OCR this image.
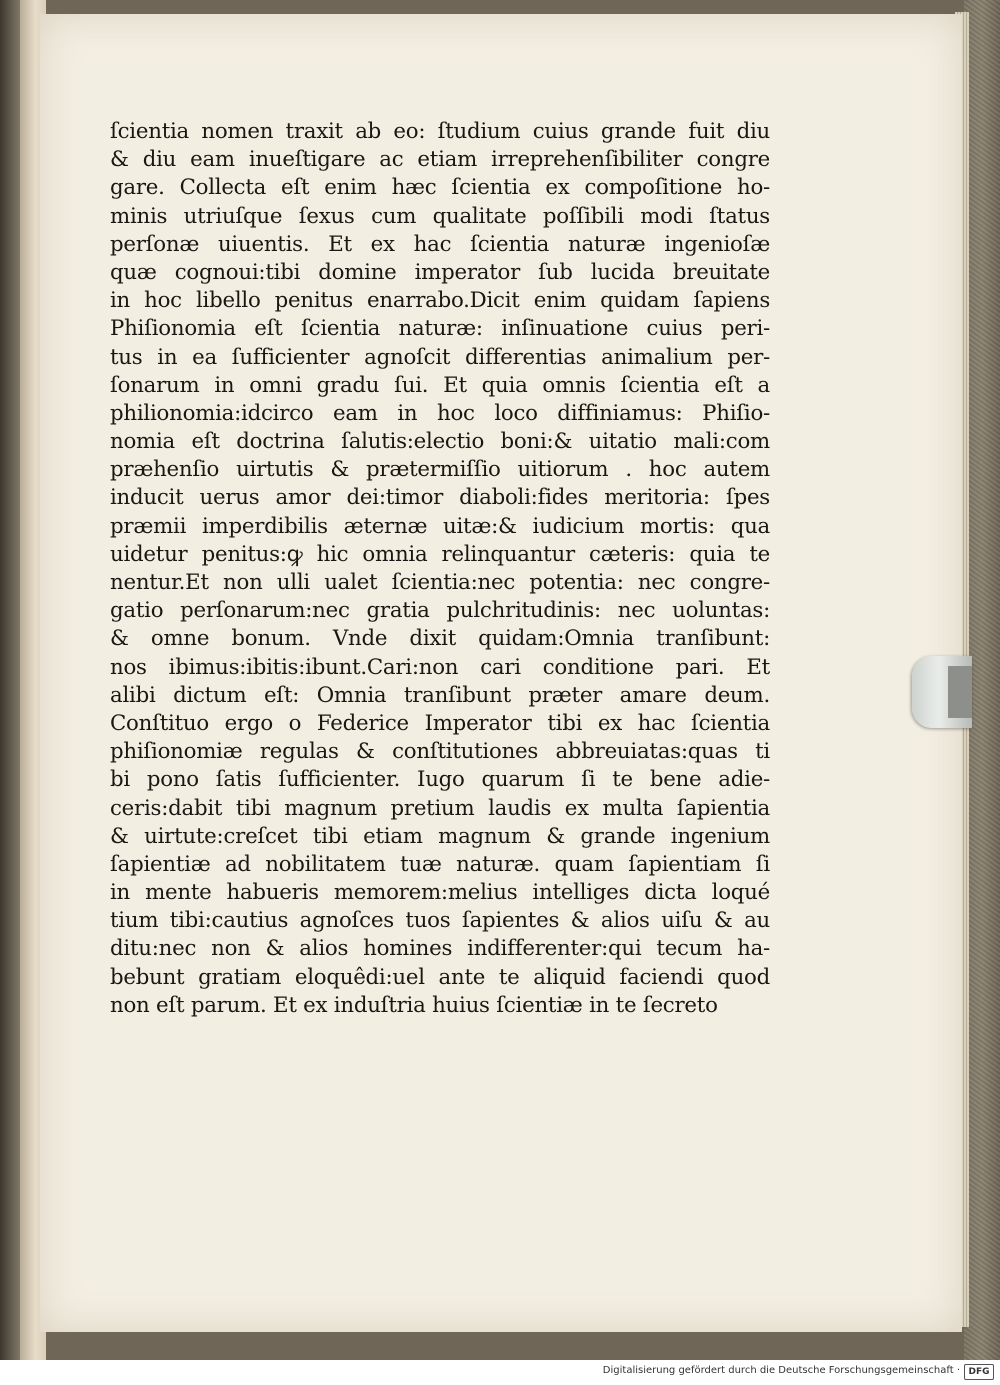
ſcientia nomen traxit ab eo: ſtudium cuius grande fuit diu
& diu eam inueſtigare ac etiam irreprehenſibiliter congre
gare. Collecta eſt enim hæc ſcientia ex compoſitione ho-
minis utriuſque ſexus cum qualitate poſſibili modi ſtatus
perſonæ uiuentis. Et ex hac ſcientia naturæ ingenioſæ
quæ cognoui:tibi domine imperator ſub lucida breuitate
in hoc libello penitus enarrabo.Dicit enim quidam ſapiens
Phiſionomia eſt ſcientia naturæ: inſinuatione cuius peri-
tus in ea ſufficienter agnoſcit differentias animalium per-
ſonarum in omni gradu ſui. Et quia omnis ſcientia eſt a
philionomia:idcirco eam in hoc loco diffiniamus: Phiſio-
nomia eſt doctrina ſalutis:electio boni:& uitatio mali:com
præhenſio uirtutis & prætermiſſio uitiorum . hoc autem
inducit uerus amor dei:timor diaboli:fides meritoria: ſpes
præmii imperdibilis æternæ uitæ:& iudicium mortis: qua
uidetur penitus:ꝙ hic omnia relinquantur cæteris: quia te
nentur.Et non ulli ualet ſcientia:nec potentia: nec congre-
gatio perſonarum:nec gratia pulchritudinis: nec uoluntas:
& omne bonum. Vnde dixit quidam:Omnia tranſibunt:
nos ibimus:ibitis:ibunt.Cari:non cari conditione pari. Et
alibi dictum eſt: Omnia tranſibunt præter amare deum.
Conſtituo ergo o Federice Imperator tibi ex hac ſcientia
phiſionomiæ regulas & conſtitutiones abbreuiatas:quas ti
bi pono ſatis ſufficienter. Iugo quarum ſi te bene adie-
ceris:dabit tibi magnum pretium laudis ex multa ſapientia
& uirtute:creſcet tibi etiam magnum & grande ingenium
ſapientiæ ad nobilitatem tuæ naturæ. quam ſapientiam ſi
in mente habueris memorem:melius intelliges dicta loqué
tium tibi:cautius agnoſces tuos ſapientes & alios uiſu & au
ditu:nec non & alios homines indifferenter:qui tecum ha-
bebunt gratiam eloquêdi:uel ante te aliquid faciendi quod
non eſt parum. Et ex induſtria huius ſcientiæ in te ſecreto
Digitalisierung gefördert durch die Deutsche Forschungsgemeinschaft · DFG
